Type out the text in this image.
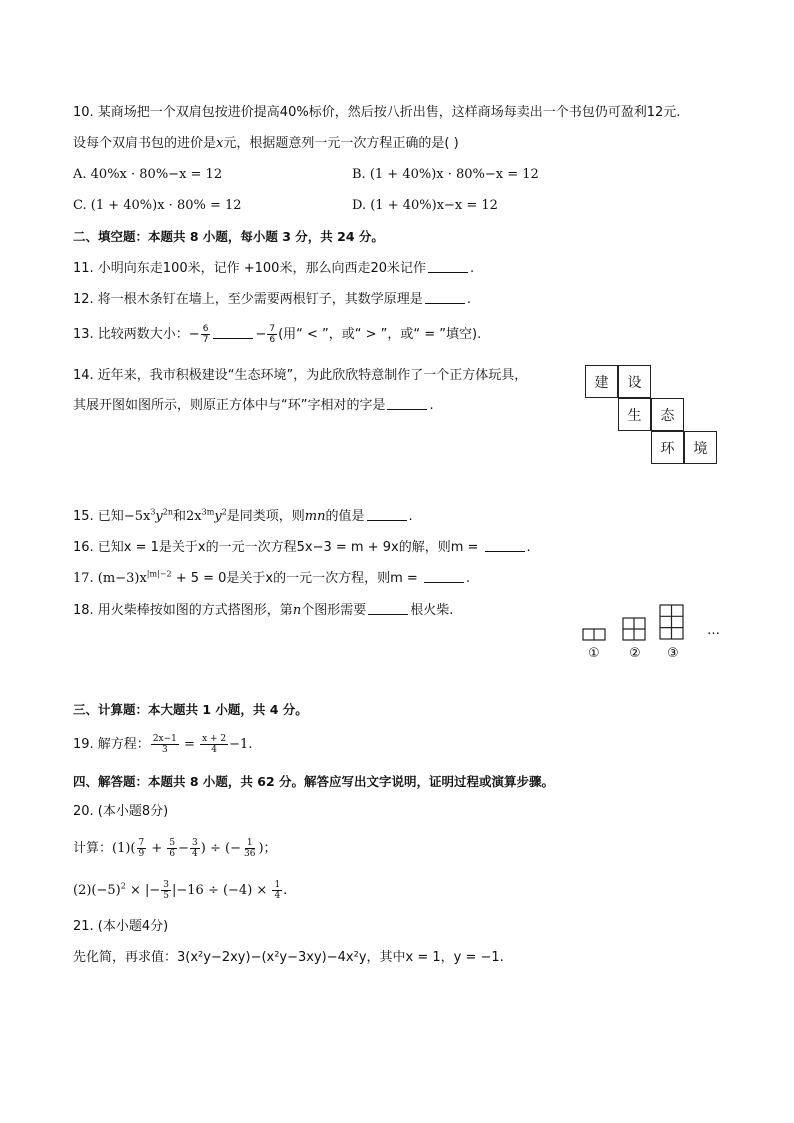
10. 某商场把一个双肩包按进价提高40%标价，然后按八折出售，这样商场每卖出一个书包仍可盈利12元.
设每个双肩书包的进价是x元，根据题意列一元一次方程正确的是( )
A. 40%x · 80%−x = 12	B. (1 + 40%)x · 80%−x = 12
C. (1 + 40%)x · 80% = 12	D. (1 + 40%)x−x = 12
二、填空题：本题共 8 小题，每小题 3 分，共 24 分。
11. 小明向东走100米，记作 +100米，那么向西走20米记作	.
12. 将一根木条钉在墙上，至少需要两根钉子，其数学原理是	.
13. 比较两数大小：− $\frac{6}{7}$	− $\frac{7}{6}$ (用“ < ”，或“ > ”，或“ = ”填空).
14. 近年来，我市积极建设“生态环境”，为此欣欣特意制作了一个正方体玩具，
其展开图如图所示，则原正方体中与“环”字相对的字是	.
建	设
生	态
环	境
15. 已知$-5x^3y^{2n}$和$2x^{3m}y^2$是同类项，则mn的值是	.
16. 已知x = 1是关于x的一元一次方程5x−3 = m + 9x的解，则m =	.
17. $(m-3)x^{|m|-2} + 5 = 0$是关于x的一元一次方程，则m =	.
18. 用火柴棒按如图的方式搭图形，第n个图形需要	根火柴.
① ② ③
…
三、计算题：本大题共 1 小题，共 4 分。
19. 解方程： $\frac{2x-1}{3} = \frac{x + 2}{4} -1$.
四、解答题：本题共 8 小题，共 62 分。解答应写出文字说明，证明过程或演算步骤。
20. (本小题8分)
计算：$(1)( \frac{7}{9} + \frac{5}{6} - \frac{3}{4}$ ) ÷ (− $\frac{1}{36}$ )；
$(2)(-5)^2$ × |− $\frac{3}{5} |-16 \div (-4) \times \frac{1}{4}$ .
21. (本小题4分)
先化简，再求值：3(x²y−2xy)−(x²y−3xy)−4x²y，其中x = 1，y = −1.
